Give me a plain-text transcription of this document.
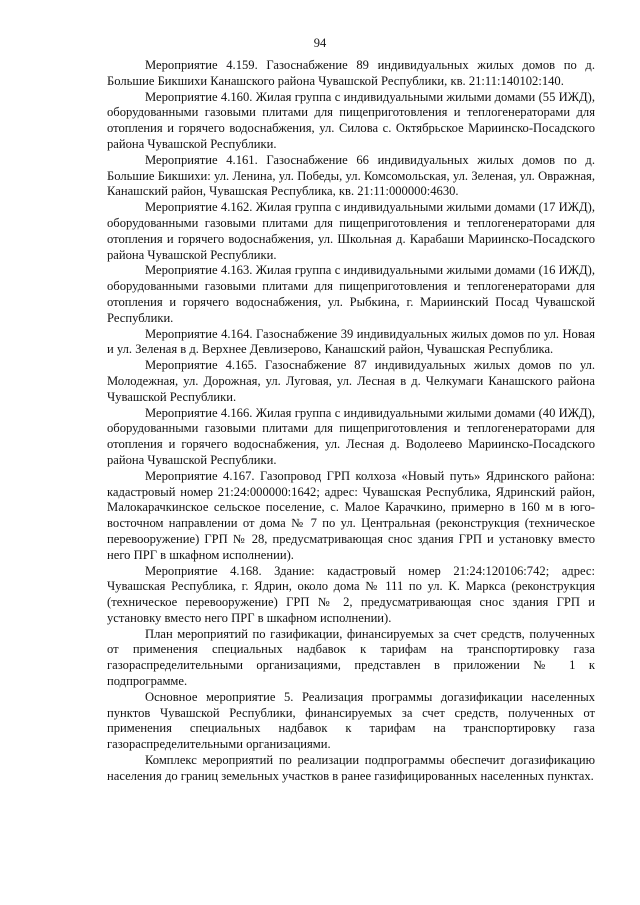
94

Мероприятие 4.159. Газоснабжение 89 индивидуальных жилых домов по д. Большие Бикшихи Канашского района Чувашской Республики, кв. 21:11:140102:140.

Мероприятие 4.160. Жилая группа с индивидуальными жилыми домами (55 ИЖД), оборудованными газовыми плитами для пищеприготовления и теплогенераторами для отопления и горячего водоснабжения, ул. Силова с. Октябрьское Мариинско-Посадского района Чувашской Республики.

Мероприятие 4.161. Газоснабжение 66 индивидуальных жилых домов по д. Большие Бикшихи: ул. Ленина, ул. Победы, ул. Комсомольская, ул. Зеленая, ул. Овражная, Канашский район, Чувашская Республика, кв. 21:11:000000:4630.

Мероприятие 4.162. Жилая группа с индивидуальными жилыми домами (17 ИЖД), оборудованными газовыми плитами для пищеприготовления и теплогенераторами для отопления и горячего водоснабжения, ул. Школьная д. Карабаши Мариинско-Посадского района Чувашской Республики.

Мероприятие 4.163. Жилая группа с индивидуальными жилыми домами (16 ИЖД), оборудованными газовыми плитами для пищеприготовления и теплогенераторами для отопления и горячего водоснабжения, ул. Рыбкина, г. Мариинский Посад Чувашской Республики.

Мероприятие 4.164. Газоснабжение 39 индивидуальных жилых домов по ул. Новая и ул. Зеленая в д. Верхнее Девлизерово, Канашский район, Чувашская Республика.

Мероприятие 4.165. Газоснабжение 87 индивидуальных жилых домов по ул. Молодежная, ул. Дорожная, ул. Луговая, ул. Лесная в д. Челкумаги Канашского района Чувашской Республики.

Мероприятие 4.166. Жилая группа с индивидуальными жилыми домами (40 ИЖД), оборудованными газовыми плитами для пищеприготовления и теплогенераторами для отопления и горячего водоснабжения, ул. Лесная д. Водолеево Мариинско-Посадского района Чувашской Республики.

Мероприятие 4.167. Газопровод ГРП колхоза «Новый путь» Ядринского района: кадастровый номер 21:24:000000:1642; адрес: Чувашская Республика, Ядринский район, Малокарачкинское сельское поселение, с. Малое Карачкино, примерно в 160 м в юго-восточном направлении от дома № 7 по ул. Центральная (реконструкция (техническое перевооружение) ГРП № 28, предусматривающая снос здания ГРП и установку вместо него ПРГ в шкафном исполнении).

Мероприятие 4.168. Здание: кадастровый номер 21:24:120106:742; адрес: Чувашская Республика, г. Ядрин, около дома № 111 по ул. К. Маркса (реконструкция (техническое перевооружение) ГРП № 2, предусматривающая снос здания ГРП и установку вместо него ПРГ в шкафном исполнении).

План мероприятий по газификации, финансируемых за счет средств, полученных от применения специальных надбавок к тарифам на транспортировку газа газораспределительными организациями, представлен в приложении № 1 к подпрограмме.

Основное мероприятие 5. Реализация программы догазификации населенных пунктов Чувашской Республики, финансируемых за счет средств, полученных от применения специальных надбавок к тарифам на транспортировку газа газораспределительными организациями.

Комплекс мероприятий по реализации подпрограммы обеспечит догазификацию населения до границ земельных участков в ранее газифицированных населенных пунктах.
